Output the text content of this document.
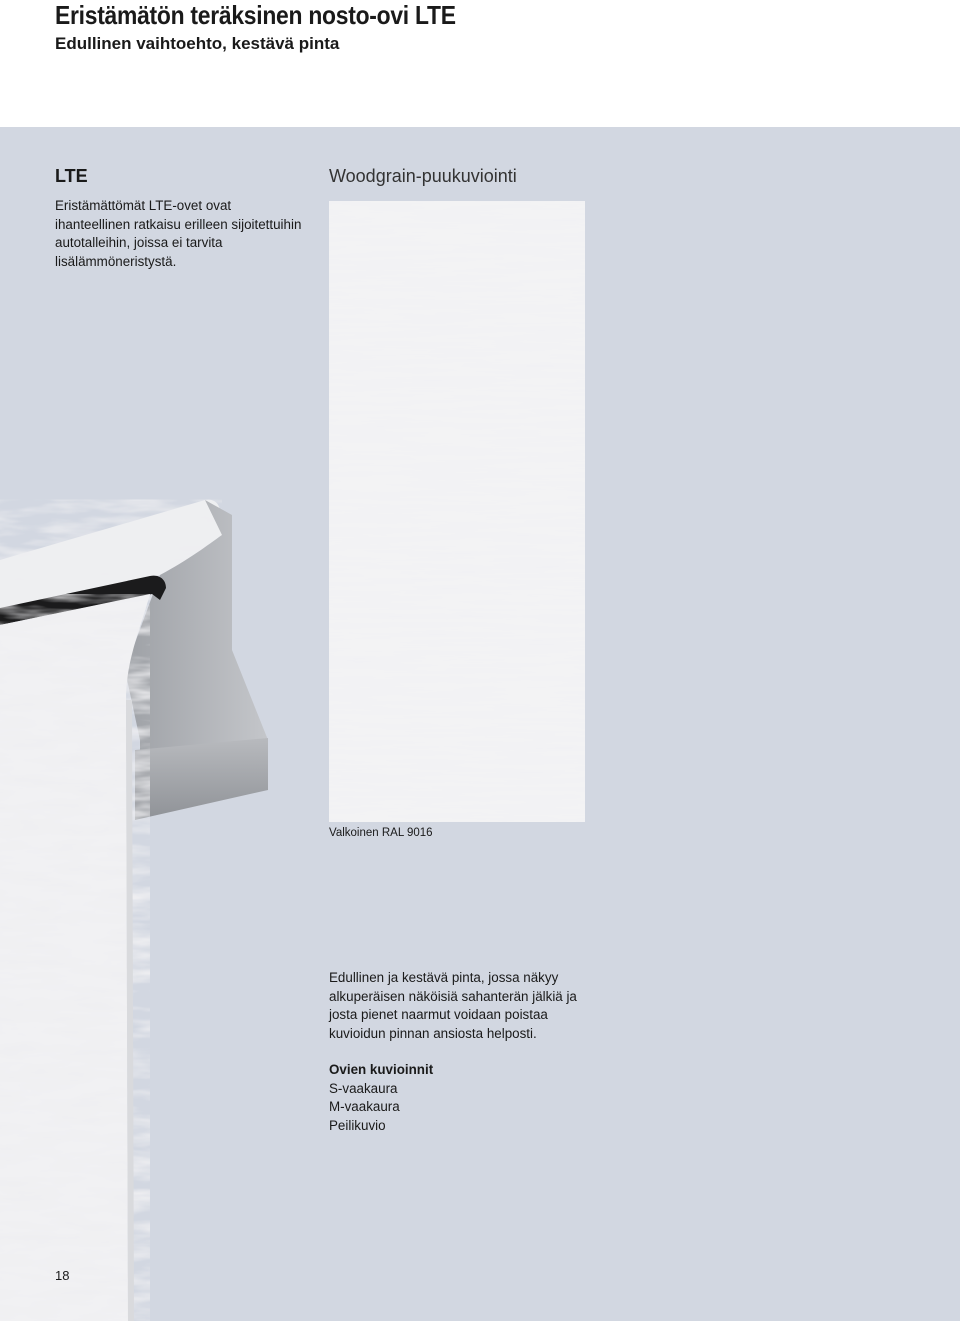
Eristämätön teräksinen nosto-ovi LTE
Edullinen vaihtoehto, kestävä pinta
LTE
Eristämättömät LTE-ovet ovat ihanteellinen ratkaisu erilleen sijoitettuihin autotalleihin, joissa ei tarvita lisälämmöneristystä.
Woodgrain-puukuviointi
Valkoinen RAL 9016
Edullinen ja kestävä pinta, jossa näkyy alkuperäisen näköisiä sahanterän jälkiä ja josta pienet naarmut voidaan poistaa kuvioidun pinnan ansiosta helposti.
Ovien kuvioinnit
S-vaakaura
M-vaakaura
Peilikuvio
18
